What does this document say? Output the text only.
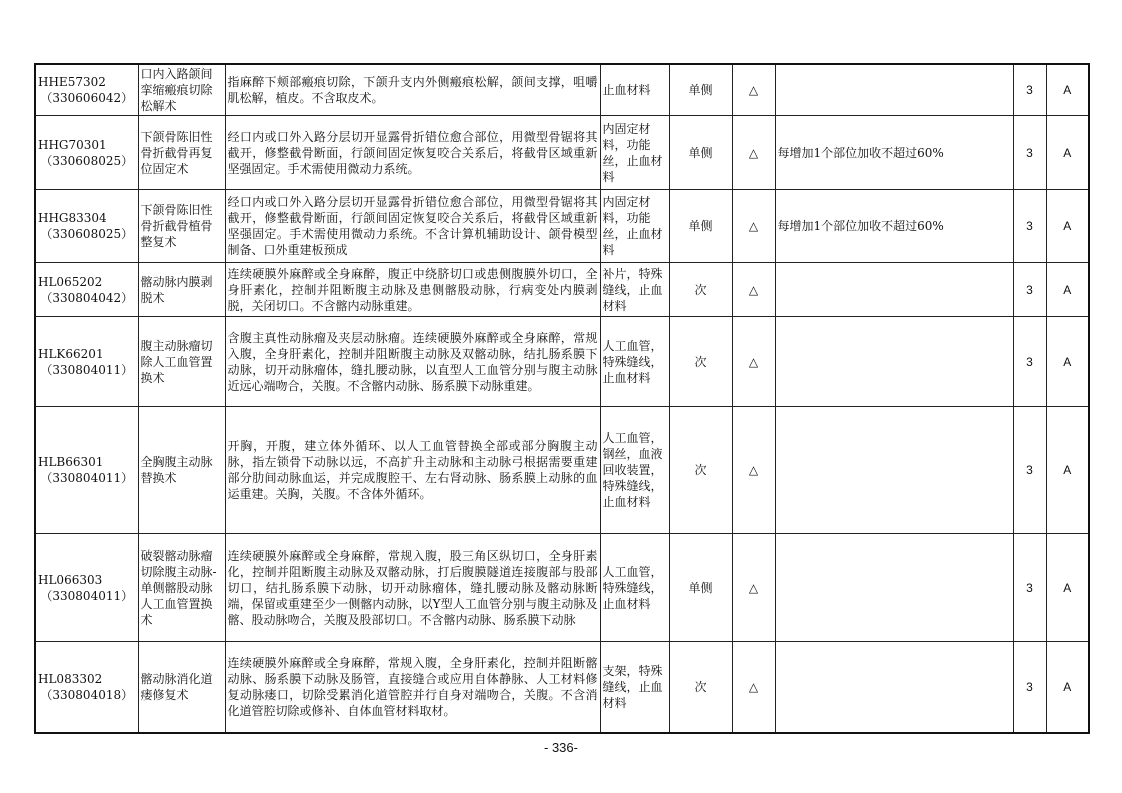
HHE57302
（330606042）	口内入路颌间挛缩瘢痕切除松解术	指麻醉下颊部瘢痕切除，下颌升支内外侧瘢痕松解，颌间支撑，咀嚼肌松解，植皮。不含取皮术。	止血材料	单侧	△		3	A
HHG70301
（330608025）	下颌骨陈旧性骨折截骨再复位固定术	经口内或口外入路分层切开显露骨折错位愈合部位，用微型骨锯将其截开，修整截骨断面，行颌间固定恢复咬合关系后，将截骨区域重新坚强固定。手术需使用微动力系统。	内固定材料，功能丝，止血材料	单侧	△	每增加1个部位加收不超过60%	3	A
HHG83304
（330608025）	下颌骨陈旧性骨折截骨植骨整复术	经口内或口外入路分层切开显露骨折错位愈合部位，用微型骨锯将其截开，修整截骨断面，行颌间固定恢复咬合关系后，将截骨区域重新坚强固定。手术需使用微动力系统。不含计算机辅助设计、颌骨模型制备、口外重建板预成	内固定材料，功能丝，止血材料	单侧	△	每增加1个部位加收不超过60%	3	A
HL065202
（330804042）	髂动脉内膜剥脱术	连续硬膜外麻醉或全身麻醉，腹正中绕脐切口或患侧腹膜外切口，全身肝素化，控制并阻断腹主动脉及患侧髂股动脉，行病变处内膜剥脱，关闭切口。不含髂内动脉重建。	补片，特殊缝线，止血材料	次	△		3	A
HLK66201
（330804011）	腹主动脉瘤切除人工血管置换术	含腹主真性动脉瘤及夹层动脉瘤。连续硬膜外麻醉或全身麻醉，常规入腹，全身肝素化，控制并阻断腹主动脉及双髂动脉，结扎肠系膜下动脉，切开动脉瘤体，缝扎腰动脉，以直型人工血管分别与腹主动脉近远心端吻合，关腹。不含髂内动脉、肠系膜下动脉重建。	人工血管，特殊缝线，止血材料	次	△		3	A
HLB66301
（330804011）	全胸腹主动脉替换术	开胸，开腹，建立体外循环、以人工血管替换全部或部分胸腹主动脉，指左锁骨下动脉以远，不高扩升主动脉和主动脉弓根据需要重建部分肋间动脉血运，并完成腹腔干、左右肾动脉、肠系膜上动脉的血运重建。关胸，关腹。不含体外循环。	人工血管，钢丝，血液回收装置，特殊缝线，止血材料	次	△		3	A
HL066303
（330804011）	破裂髂动脉瘤切除腹主动脉-单侧髂股动脉人工血管置换术	连续硬膜外麻醉或全身麻醉，常规入腹，股三角区纵切口，全身肝素化，控制并阻断腹主动脉及双髂动脉，打后腹膜隧道连接腹部与股部切口，结扎肠系膜下动脉，切开动脉瘤体，缝扎腰动脉及髂动脉断端，保留或重建至少一侧髂内动脉，以Y型人工血管分别与腹主动脉及髂、股动脉吻合，关腹及股部切口。不含髂内动脉、肠系膜下动脉	人工血管，特殊缝线，止血材料	单侧	△		3	A
HL083302
（330804018）	髂动脉消化道瘘修复术	连续硬膜外麻醉或全身麻醉，常规入腹，全身肝素化，控制并阻断髂动脉、肠系膜下动脉及肠管，直接缝合或应用自体静脉、人工材料修复动脉瘘口，切除受累消化道管腔并行自身对端吻合，关腹。不含消化道管腔切除或修补、自体血管材料取材。	支架，特殊缝线，止血材料	次	△		3	A
- 336-
